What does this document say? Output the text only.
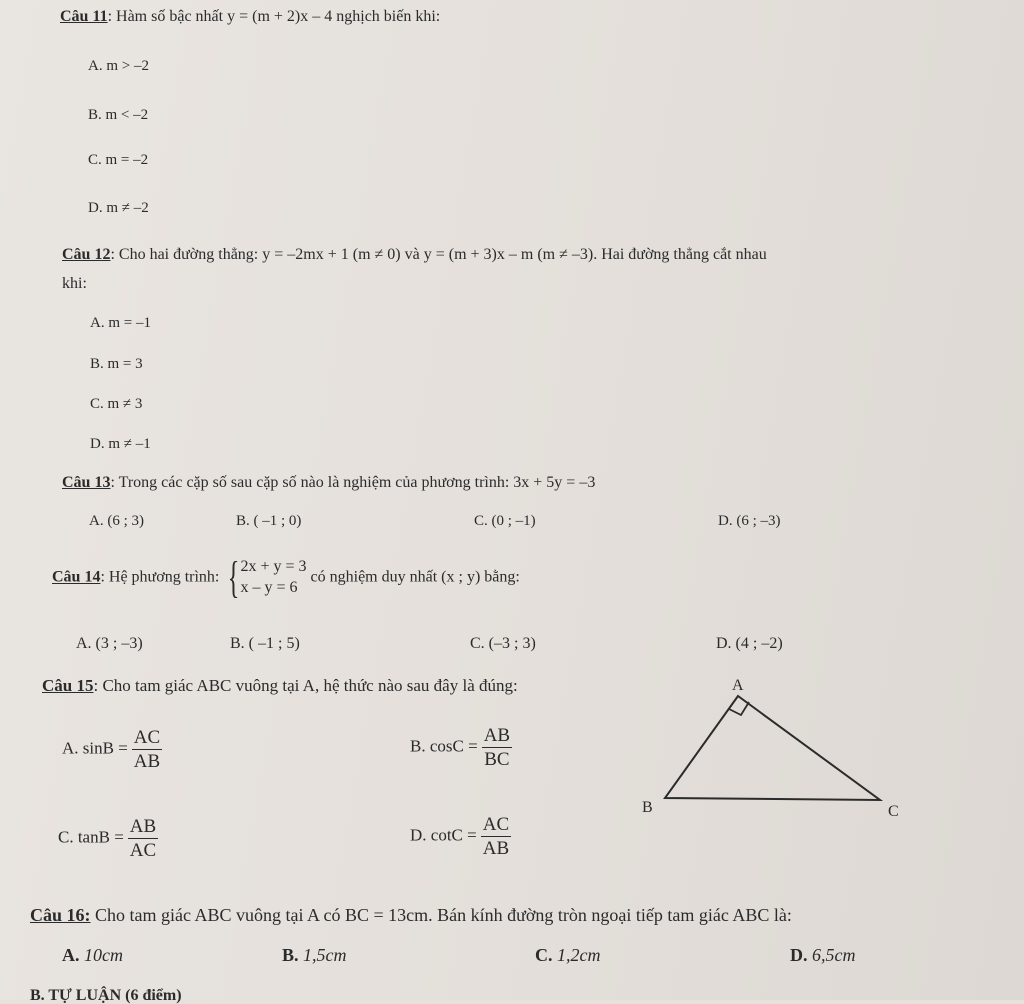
Câu 11: Hàm số bậc nhất y = (m + 2)x – 4 nghịch biến khi:
A. m > –2
B. m < –2
C. m = –2
D. m ≠ –2
Câu 12: Cho hai đường thẳng: y = –2mx + 1 (m ≠ 0) và y = (m + 3)x – m (m ≠ –3). Hai đường thẳng cắt nhau
khi:
A. m = –1
B. m = 3
C. m ≠ 3
D. m ≠ –1
Câu 13: Trong các cặp số sau cặp số nào là nghiệm của phương trình: 3x + 5y = –3
A. (6 ; 3)	B. ( –1 ; 0)	C. (0 ; –1)	D. (6 ; –3)
Câu 14: Hệ phương trình: { 2x + y = 3
x – y = 6
có nghiệm duy nhất (x ; y) bằng:
A. (3 ; –3)	B. ( –1 ; 5)	C. (–3 ; 3)	D. (4 ; –2)
Câu 15: Cho tam giác ABC vuông tại A, hệ thức nào sau đây là đúng:
A. $\sin B = \frac{AC}{AB}$	B. $\cos C = \frac{AB}{BC}$
C. $\tan B = \frac{AB}{AC}$	D. $\cot C = \frac{AC}{AB}$
A
B	C
Câu 16: Cho tam giác ABC vuông tại A có BC = 13cm. Bán kính đường tròn ngoại tiếp tam giác ABC là:
A. 10cm	B. 1,5cm	C. 1,2cm	D. 6,5cm
B. TỰ LUẬN (6 điểm)
